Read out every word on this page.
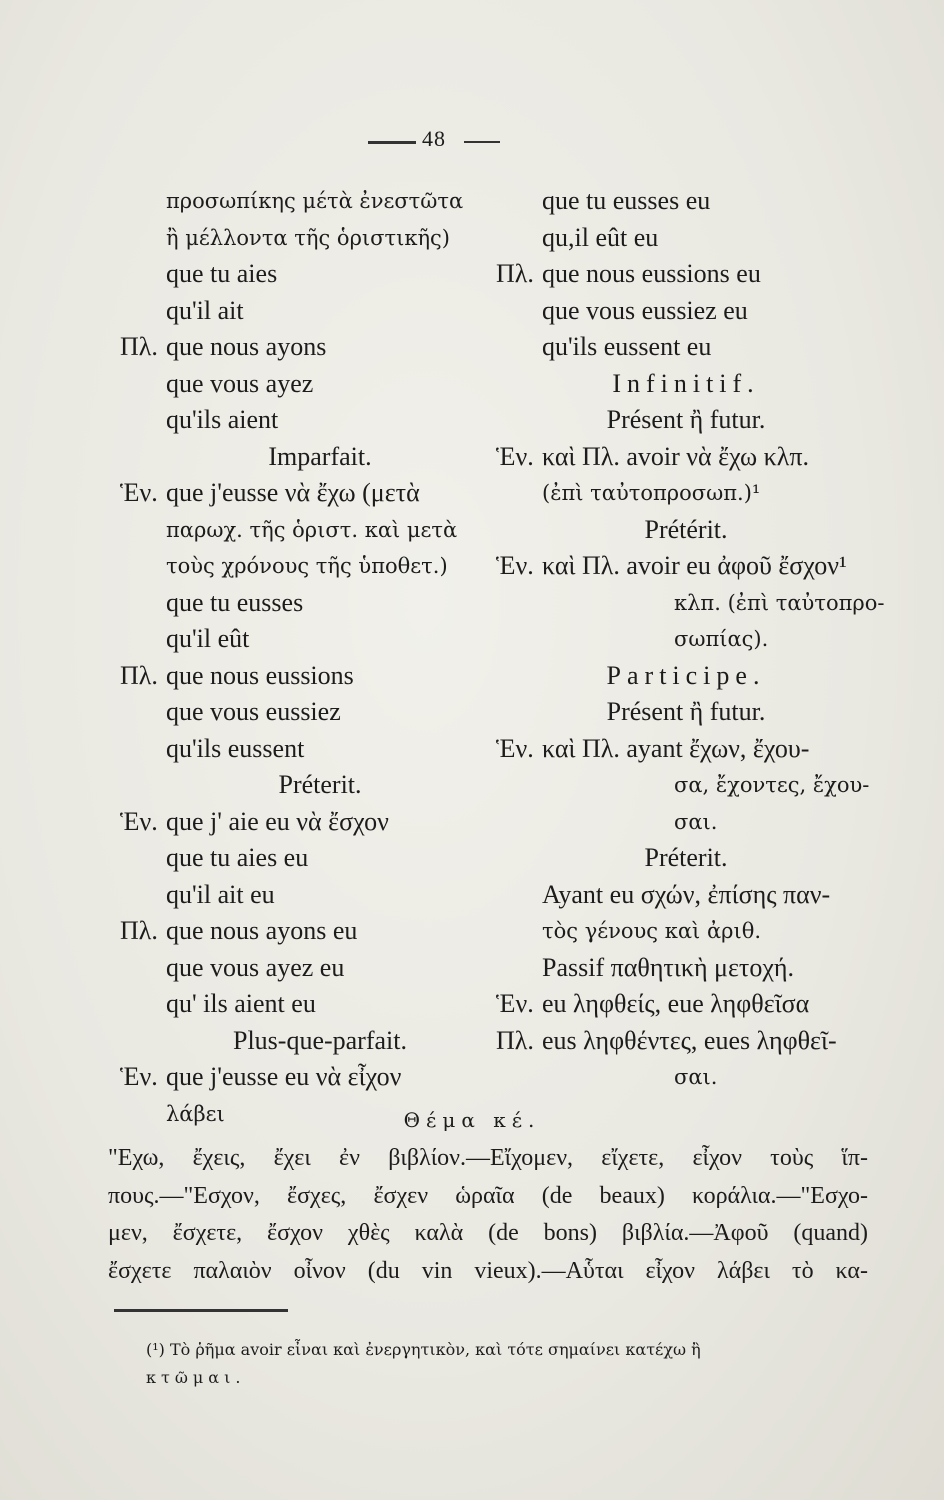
48
προσωπίκης μέτὰ ἐνεστῶτα
ἢ μέλλοντα τῆς ὁριστικῆς)
que tu aies
qu'il ait
Πλ. que nous ayons
que vous ayez
qu'ils aient
Imparfait.
Ἑν. que j'eusse νὰ ἔχω (μετὰ
παρωχ. τῆς ὁριστ. καὶ μετὰ
τοὺς χρόνους τῆς ὑποθετ.)
que tu eusses
qu'il eût
Πλ. que nous eussions
que vous eussiez
qu'ils eussent
Préterit.
Ἑν. que j' aie eu νὰ ἔσχον
que tu aies eu
qu'il ait eu
Πλ. que nous ayons eu
que vous ayez eu
qu' ils aient eu
Plus-que-parfait.
Ἑν. que j'eusse eu νὰ εἶχον
λάβει
que tu eusses eu
qu,il eût eu
Πλ. que nous eussions eu
que vous eussiez eu
qu'ils eussent eu
Infinitif.
Présent ἢ futur.
Ἑν. καὶ Πλ. avoir νὰ ἔχω κλπ.
(ἐπὶ ταὐτοπροσωπ.)¹
Prétérit.
Ἑν. καὶ Πλ. avoir eu ἀφοῦ ἔσχον¹
κλπ. (ἐπὶ ταὐτοπρο-
σωπίας).
Participe.
Présent ἢ futur.
Ἑν. καὶ Πλ. ayant ἔχων, ἔχου-
σα, ἔχοντες, ἔχου-
σαι.
Préterit.
Ayant eu σχών, ἐπίσης παν-
τὸς γένους καὶ ἀριθ.
Passif παθητικὴ μετοχή.
Ἑν. eu ληφθείς, eue ληφθεῖσα
Πλ. eus ληφθέντες, eues ληφθεῖ-
σαι.
Θέμα κέ.
"Εχω, ἔχεις, ἔχει ἐν βιβλίον.—Εἴχομεν, εἴχετε, εἶχον τοὺς ἵπ-
πους.—"Εσχον, ἔσχες, ἔσχεν ὡραῖα (de beaux) κοράλια.—"Εσχο-
μεν, ἔσχετε, ἔσχον χθὲς καλὰ (de bons) βιβλία.—Ἀφοῦ (quand)
ἔσχετε παλαιὸν οἶνον (du vin vieux).—Αὗται εἶχον λάβει τὸ κα-
(¹) Τὸ ῥῆμα avoir εἶναι καὶ ἐνεργητικὸν, καὶ τότε σημαίνει κατέχω ἢ
κτῶμαι.
